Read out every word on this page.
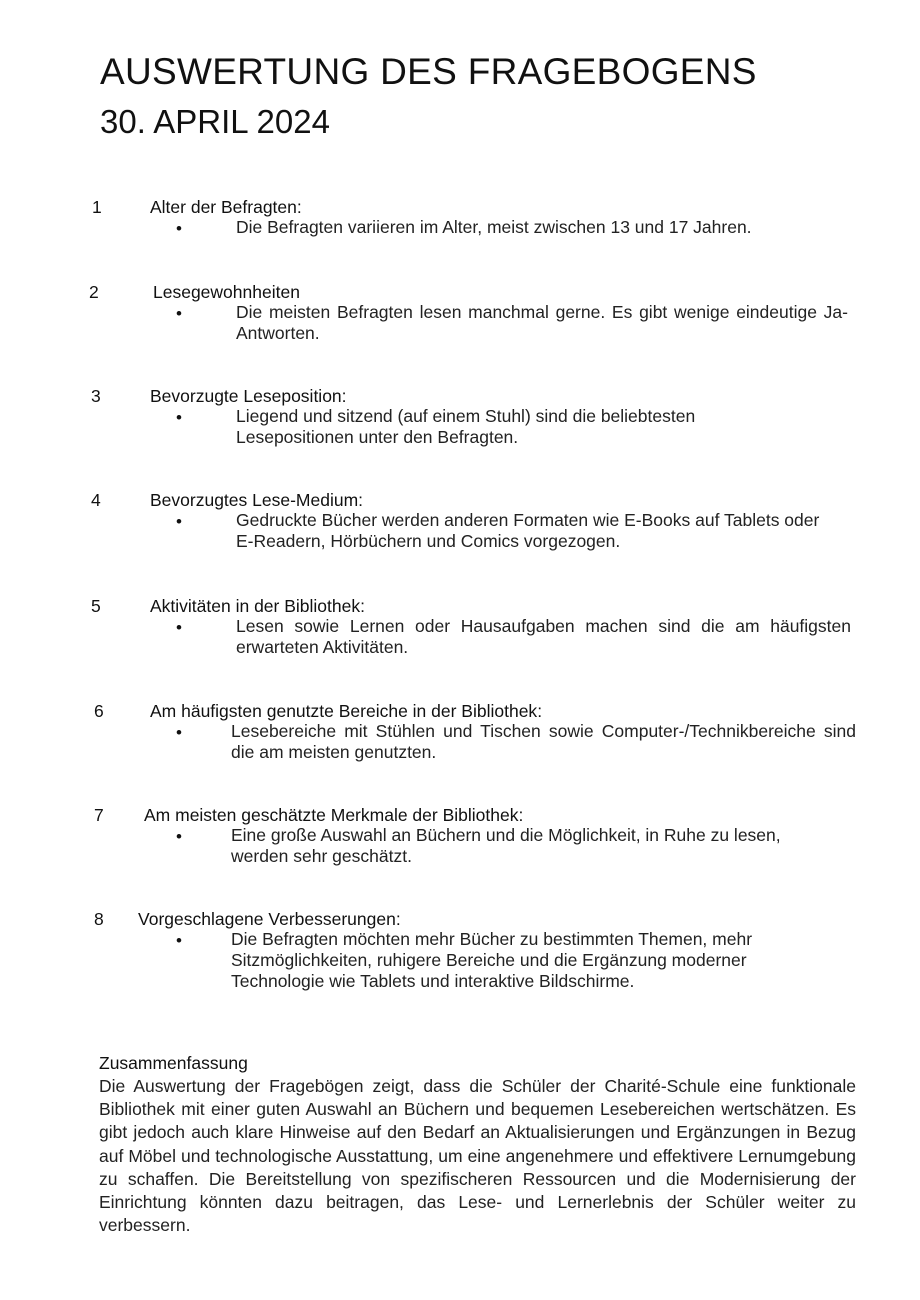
AUSWERTUNG DES FRAGEBOGENS
30. APRIL 2024
1	Alter der Befragten:
•	Die Befragten variieren im Alter, meist zwischen 13 und 17 Jahren.
2	Lesegewohnheiten
•	Die meisten Befragten lesen manchmal gerne. Es gibt wenige eindeutige Ja-Antworten.
3	Bevorzugte Leseposition:
•	Liegend und sitzend (auf einem Stuhl) sind die beliebtesten Lesepositionen unter den Befragten.
4	Bevorzugtes Lese-Medium:
•	Gedruckte Bücher werden anderen Formaten wie E-Books auf Tablets oder E-Readern, Hörbüchern und Comics vorgezogen.
5	Aktivitäten in der Bibliothek:
•	Lesen sowie Lernen oder Hausaufgaben machen sind die am häufigsten erwarteten Aktivitäten.
6	Am häufigsten genutzte Bereiche in der Bibliothek:
•	Lesebereiche mit Stühlen und Tischen sowie Computer-/Technikbereiche sind die am meisten genutzten.
7 Am meisten geschätzte Merkmale der Bibliothek:
•	Eine große Auswahl an Büchern und die Möglichkeit, in Ruhe zu lesen, werden sehr geschätzt.
8 Vorgeschlagene Verbesserungen:
•	Die Befragten möchten mehr Bücher zu bestimmten Themen, mehr Sitzmöglichkeiten, ruhigere Bereiche und die Ergänzung moderner Technologie wie Tablets und interaktive Bildschirme.
Zusammenfassung

Die Auswertung der Fragebögen zeigt, dass die Schüler der Charité-Schule eine funktionale Bibliothek mit einer guten Auswahl an Büchern und bequemen Lesebereichen wertschätzen. Es gibt jedoch auch klare Hinweise auf den Bedarf an Aktualisierungen und Ergänzungen in Bezug auf Möbel und technologische Ausstattung, um eine angenehmere und effektivere Lernumgebung zu schaffen. Die Bereitstellung von spezifischeren Ressourcen und die Modernisierung der Einrichtung könnten dazu beitragen, das Lese- und Lernerlebnis der Schüler weiter zu verbessern.
